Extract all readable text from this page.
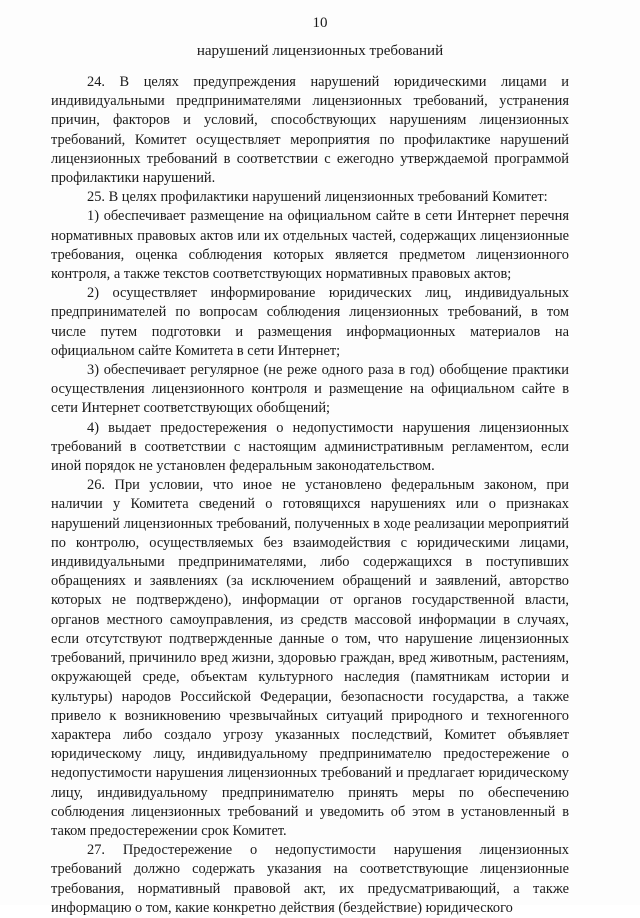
10
нарушений лицензионных требований

24. В целях предупреждения нарушений юридическими лицами и индивидуальными предпринимателями лицензионных требований, устранения причин, факторов и условий, способствующих нарушениям лицензионных требований, Комитет осуществляет мероприятия по профилактике нарушений лицензионных требований в соответствии с ежегодно утверждаемой программой профилактики нарушений.

25. В целях профилактики нарушений лицензионных требований Комитет:

1) обеспечивает размещение на официальном сайте в сети Интернет перечня нормативных правовых актов или их отдельных частей, содержащих лицензионные требования, оценка соблюдения которых является предметом лицензионного контроля, а также текстов соответствующих нормативных правовых актов;

2) осуществляет информирование юридических лиц, индивидуальных предпринимателей по вопросам соблюдения лицензионных требований, в том числе путем подготовки и размещения информационных материалов на официальном сайте Комитета в сети Интернет;

3) обеспечивает регулярное (не реже одного раза в год) обобщение практики осуществления лицензионного контроля и размещение на официальном сайте в сети Интернет соответствующих обобщений;

4) выдает предостережения о недопустимости нарушения лицензионных требований в соответствии с настоящим административным регламентом, если иной порядок не установлен федеральным законодательством.

26. При условии, что иное не установлено федеральным законом, при наличии у Комитета сведений о готовящихся нарушениях или о признаках нарушений лицензионных требований, полученных в ходе реализации мероприятий по контролю, осуществляемых без взаимодействия с юридическими лицами, индивидуальными предпринимателями, либо содержащихся в поступивших обращениях и заявлениях (за исключением обращений и заявлений, авторство которых не подтверждено), информации от органов государственной власти, органов местного самоуправления, из средств массовой информации в случаях, если отсутствуют подтвержденные данные о том, что нарушение лицензионных требований, причинило вред жизни, здоровью граждан, вред животным, растениям, окружающей среде, объектам культурного наследия (памятникам истории и культуры) народов Российской Федерации, безопасности государства, а также привело к возникновению чрезвычайных ситуаций природного и техногенного характера либо создало угрозу указанных последствий, Комитет объявляет юридическому лицу, индивидуальному предпринимателю предостережение о недопустимости нарушения лицензионных требований и предлагает юридическому лицу, индивидуальному предпринимателю принять меры по обеспечению соблюдения лицензионных требований и уведомить об этом в установленный в таком предостережении срок Комитет.

27. Предостережение о недопустимости нарушения лицензионных требований должно содержать указания на соответствующие лицензионные требования, нормативный правовой акт, их предусматривающий, а также информацию о том, какие конкретно действия (бездействие) юридического
